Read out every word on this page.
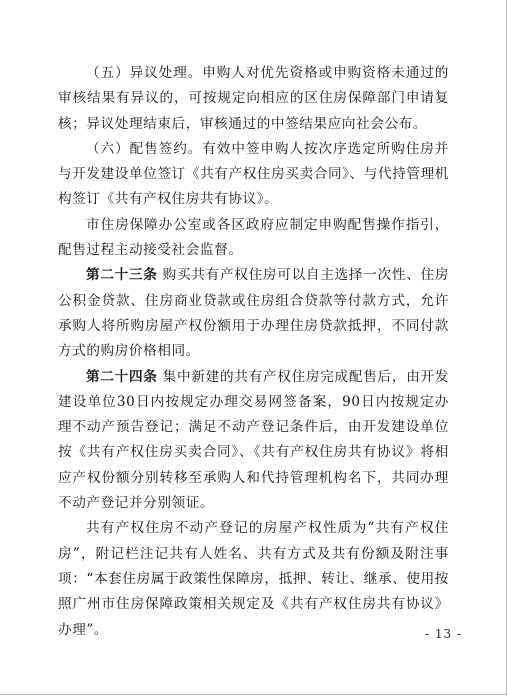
（五）异议处理。申购人对优先资格或申购资格未通过的审核结果有异议的，可按规定向相应的区住房保障部门申请复核；异议处理结束后，审核通过的中签结果应向社会公布。

（六）配售签约。有效中签申购人按次序选定所购住房并与开发建设单位签订《共有产权住房买卖合同》、与代持管理机构签订《共有产权住房共有协议》。

市住房保障办公室或各区政府应制定申购配售操作指引，配售过程主动接受社会监督。

第二十三条 购买共有产权住房可以自主选择一次性、住房公积金贷款、住房商业贷款或住房组合贷款等付款方式，允许承购人将所购房屋产权份额用于办理住房贷款抵押，不同付款方式的购房价格相同。

第二十四条 集中新建的共有产权住房完成配售后，由开发建设单位30日内按规定办理交易网签备案，90日内按规定办理不动产预告登记；满足不动产登记条件后，由开发建设单位按《共有产权住房买卖合同》、《共有产权住房共有协议》将相应产权份额分别转移至承购人和代持管理机构名下，共同办理不动产登记并分别领证。

共有产权住房不动产登记的房屋产权性质为“共有产权住房”，附记栏注记共有人姓名、共有方式及共有份额及附注事项：“本套住房属于政策性保障房，抵押、转让、继承、使用按照广州市住房保障政策相关规定及《共有产权住房共有协议》办理”。	- 13 -
